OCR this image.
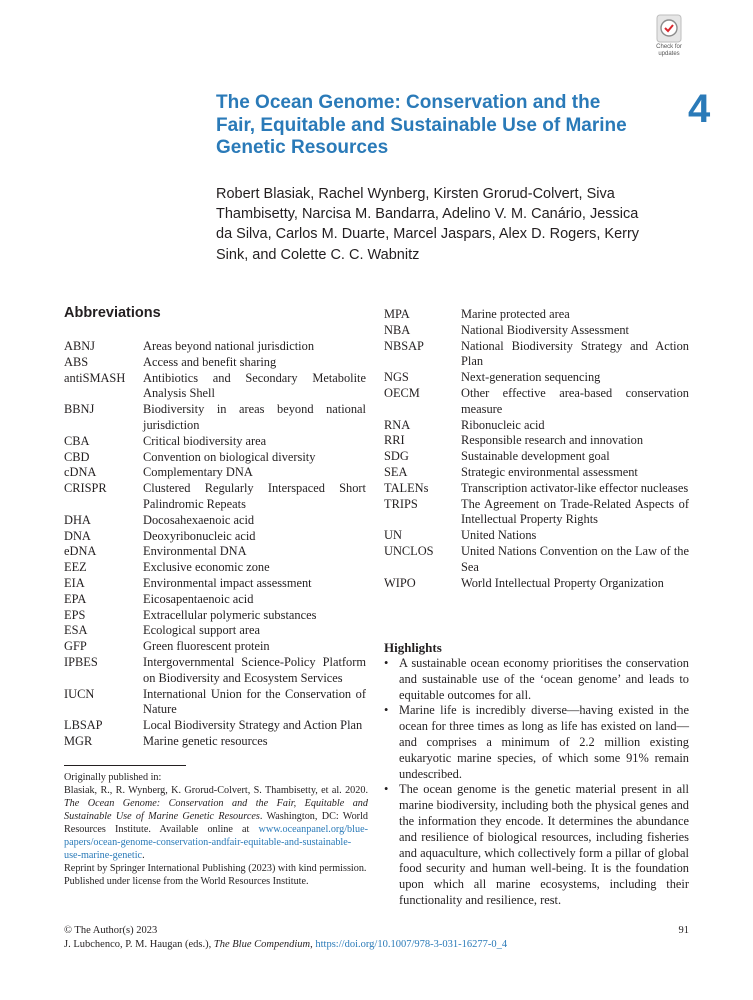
Check for
updates
The Ocean Genome: Conservation and the Fair, Equitable and Sustainable Use of Marine Genetic Resources
4
Robert Blasiak, Rachel Wynberg, Kirsten Grorud-Colvert, Siva Thambisetty, Narcisa M. Bandarra, Adelino V. M. Canário, Jessica da Silva, Carlos M. Duarte, Marcel Jaspars, Alex D. Rogers, Kerry Sink, and Colette C. C. Wabnitz
Abbreviations
ABNJ	Areas beyond national jurisdiction
ABS	Access and benefit sharing
antiSMASH	Antibiotics and Secondary Metabolite Analysis Shell
BBNJ	Biodiversity in areas beyond national jurisdiction
CBA	Critical biodiversity area
CBD	Convention on biological diversity
cDNA	Complementary DNA
CRISPR	Clustered Regularly Interspaced Short Palindromic Repeats
DHA	Docosahexaenoic acid
DNA	Deoxyribonucleic acid
eDNA	Environmental DNA
EEZ	Exclusive economic zone
EIA	Environmental impact assessment
EPA	Eicosapentaenoic acid
EPS	Extracellular polymeric substances
ESA	Ecological support area
GFP	Green fluorescent protein
IPBES	Intergovernmental Science-Policy Platform on Biodiversity and Ecosystem Services
IUCN	International Union for the Conservation of Nature
LBSAP	Local Biodiversity Strategy and Action Plan
MGR	Marine genetic resources
MPA	Marine protected area
NBA	National Biodiversity Assessment
NBSAP	National Biodiversity Strategy and Action Plan
NGS	Next-generation sequencing
OECM	Other effective area-based conservation measure
RNA	Ribonucleic acid
RRI	Responsible research and innovation
SDG	Sustainable development goal
SEA	Strategic environmental assessment
TALENs	Transcription activator-like effector nucleases
TRIPS	The Agreement on Trade-Related Aspects of Intellectual Property Rights
UN	United Nations
UNCLOS	United Nations Convention on the Law of the Sea
WIPO	World Intellectual Property Organization

Originally published in:

Blasiak, R., R. Wynberg, K. Grorud-Colvert, S. Thambisetty, et al. 2020. The Ocean Genome: Conservation and the Fair, Equitable and Sustainable Use of Marine Genetic Resources. Washington, DC: World Resources Institute. Available online at www.oceanpanel.org/blue-papers/ocean-genome-conservation-andfair-equitable-and-sustainable-use-marine-genetic.

Reprint by Springer International Publishing (2023) with kind permission.

Published under license from the World Resources Institute.

Highlights
• A sustainable ocean economy prioritises the conservation and sustainable use of the ‘ocean genome’ and leads to equitable outcomes for all.
• Marine life is incredibly diverse—having existed in the ocean for three times as long as life has existed on land—and comprises a minimum of 2.2 million existing eukaryotic marine species, of which some 91% remain undescribed.
• The ocean genome is the genetic material present in all marine biodiversity, including both the physical genes and the information they encode. It determines the abundance and resilience of biological resources, including fisheries and aquaculture, which collectively form a pillar of global food security and human well-being. It is the foundation upon which all marine ecosystems, including their functionality and resilience, rest.
© The Author(s) 2023
J. Lubchenco, P. M. Haugan (eds.), The Blue Compendium, https://doi.org/10.1007/978-3-031-16277-0_4
91
